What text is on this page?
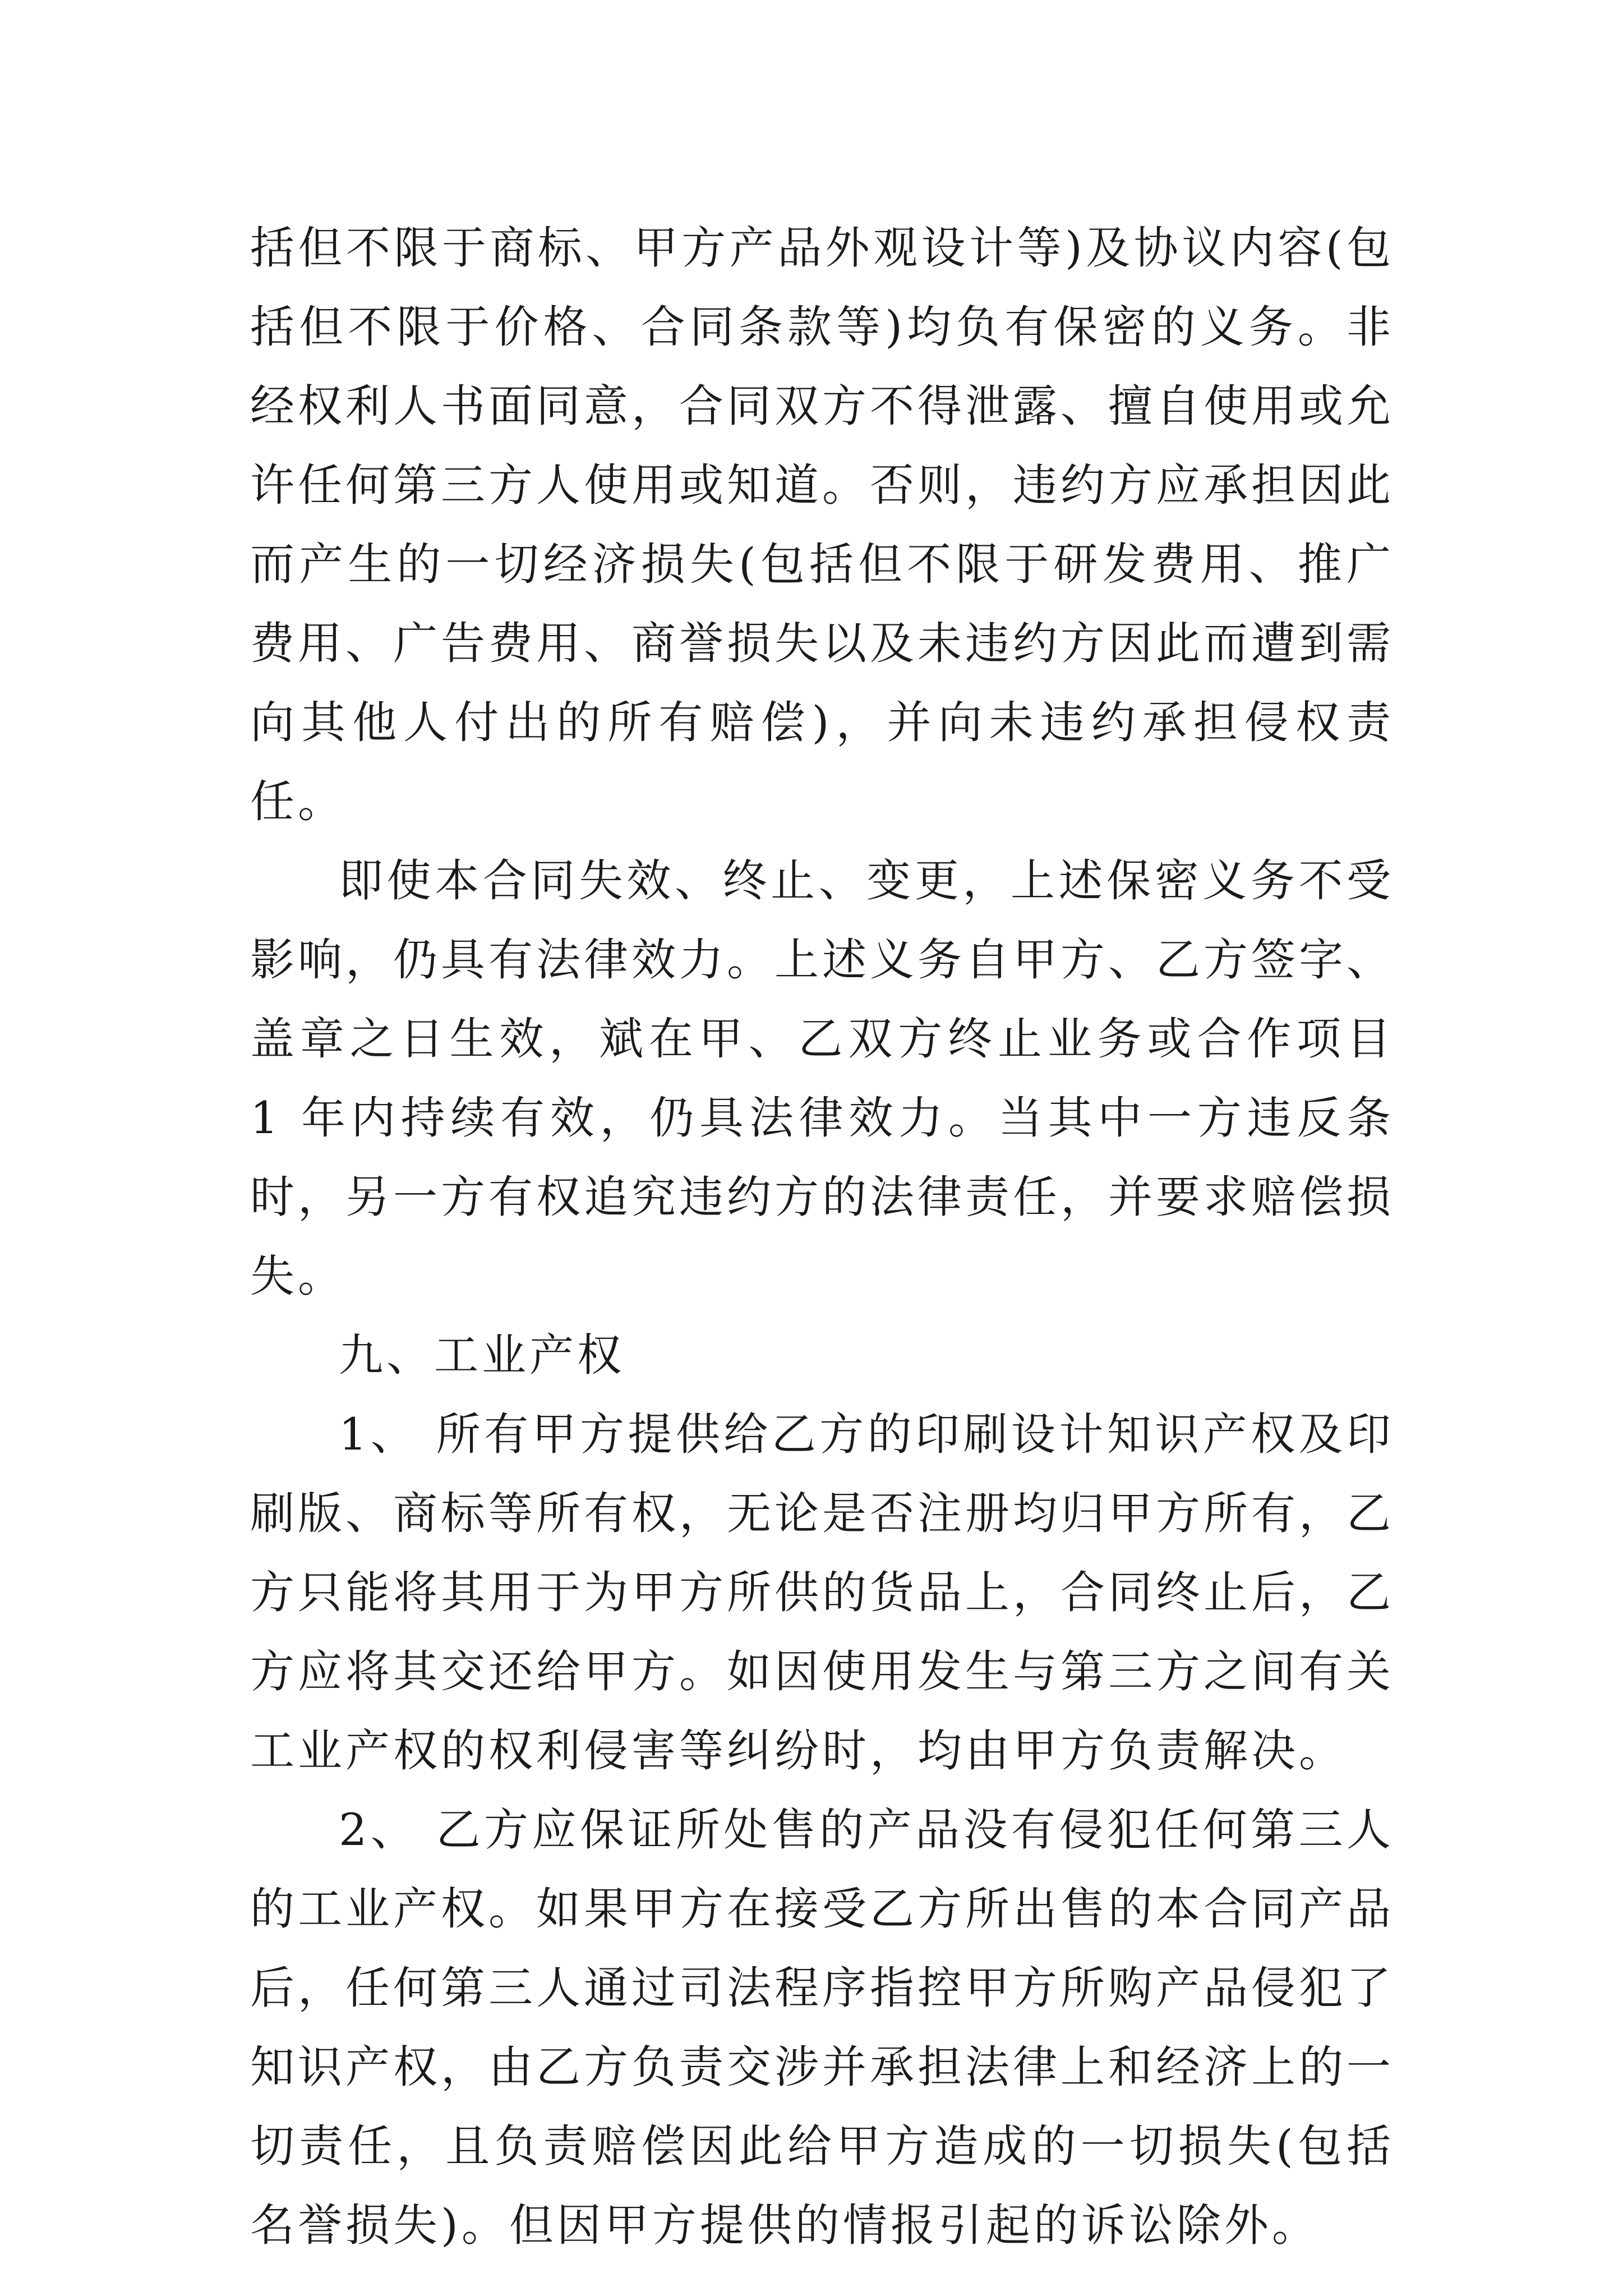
括但不限于商标、甲方产品外观设计等)及协议内容(包括但不限于价格、合同条款等)均负有保密的义务。非经权利人书面同意，合同双方不得泄露、擅自使用或允许任何第三方人使用或知道。否则，违约方应承担因此而产生的一切经济损失(包括但不限于研发费用、推广费用、广告费用、商誉损失以及未违约方因此而遭到需向其他人付出的所有赔偿)，并向未违约承担侵权责任。

即使本合同失效、终止、变更，上述保密义务不受影响，仍具有法律效力。上述义务自甲方、乙方签字、盖章之日生效，斌在甲、乙双方终止业务或合作项目 1 年内持续有效，仍具法律效力。当其中一方违反条时，另一方有权追究违约方的法律责任，并要求赔偿损失。

九、工业产权

1、 所有甲方提供给乙方的印刷设计知识产权及印刷版、商标等所有权，无论是否注册均归甲方所有，乙方只能将其用于为甲方所供的货品上，合同终止后，乙方应将其交还给甲方。如因使用发生与第三方之间有关工业产权的权利侵害等纠纷时，均由甲方负责解决。

2、 乙方应保证所处售的产品没有侵犯任何第三人的工业产权。如果甲方在接受乙方所出售的本合同产品后，任何第三人通过司法程序指控甲方所购产品侵犯了知识产权，由乙方负责交涉并承担法律上和经济上的一切责任，且负责赔偿因此给甲方造成的一切损失(包括名誉损失)。但因甲方提供的情报引起的诉讼除外。
